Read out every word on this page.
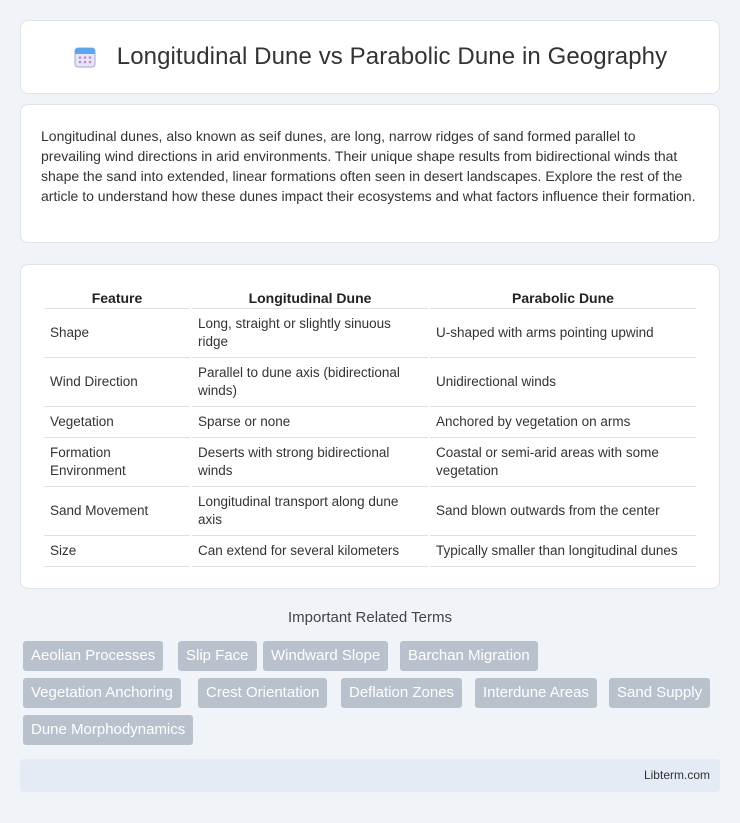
Longitudinal Dune vs Parabolic Dune in Geography

Longitudinal dunes, also known as seif dunes, are long, narrow ridges of sand formed parallel to prevailing wind directions in arid environments. Their unique shape results from bidirectional winds that shape the sand into extended, linear formations often seen in desert landscapes. Explore the rest of the article to understand how these dunes impact their ecosystems and what factors influence their formation.

Feature	Longitudinal Dune	Parabolic Dune
Shape	Long, straight or slightly sinuous ridge	U-shaped with arms pointing upwind
Wind Direction	Parallel to dune axis (bidirectional winds)	Unidirectional winds
Vegetation	Sparse or none	Anchored by vegetation on arms
Formation Environment	Deserts with strong bidirectional winds	Coastal or semi-arid areas with some vegetation
Sand Movement	Longitudinal transport along dune axis	Sand blown outwards from the center
Size	Can extend for several kilometers	Typically smaller than longitudinal dunes
Important Related Terms
Aeolian Processes	Slip Face	Windward Slope	Barchan Migration
Vegetation Anchoring	Crest Orientation	Deflation Zones	Interdune Areas	Sand Supply
Dune Morphodynamics
Libterm.com
